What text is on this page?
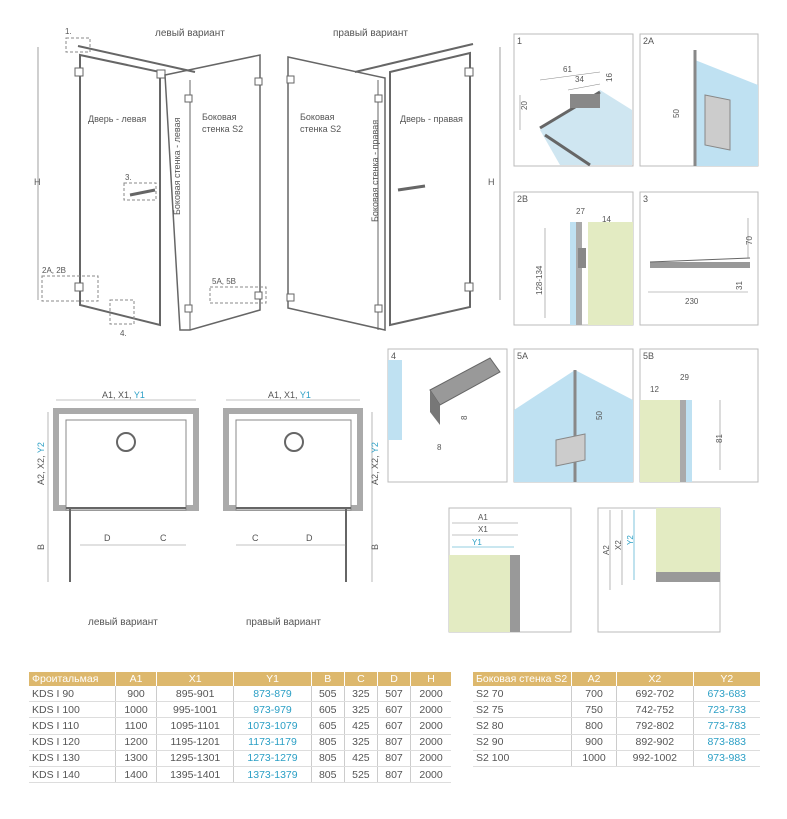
левый вариант	правый вариант
1.
3.
2A, 2B
4.
5A, 5B
H
Дверь - левая	Боковая
стенка S2
Боковая стенка - левая	H
Дверь - правая
Боковая
стенка S2	Боковая стенка - правая
1
61
34	16
20
2A
50
2B
27
14
128-134
3
70
31
230
4
8
8
5A
50
5B
29
12
81
A1, X1, Y1
A2, X2, Y2
B
D	C
левый вариант
A1, X1, Y1
A2, X2, Y2
B
C	D
правый вариант
A1
X1
Y1
A2
X2
Y2
Фроитальмая	A1	X1	Y1	B	C	D	H
KDS I 90	900	895-901	873-879	505	325	507	2000
KDS I 100	1000	995-1001	973-979	605	325	607	2000
KDS I 110	1100	1095-1101	1073-1079	605	425	607	2000
KDS I 120	1200	1195-1201	1173-1179	805	325	807	2000
KDS I 130	1300	1295-1301	1273-1279	805	425	807	2000
KDS I 140	1400	1395-1401	1373-1379	805	525	807	2000
Боковая стенка S2	A2	X2	Y2
S2 70	700	692-702	673-683
S2 75	750	742-752	723-733
S2 80	800	792-802	773-783
S2 90	900	892-902	873-883
S2 100	1000	992-1002	973-983
